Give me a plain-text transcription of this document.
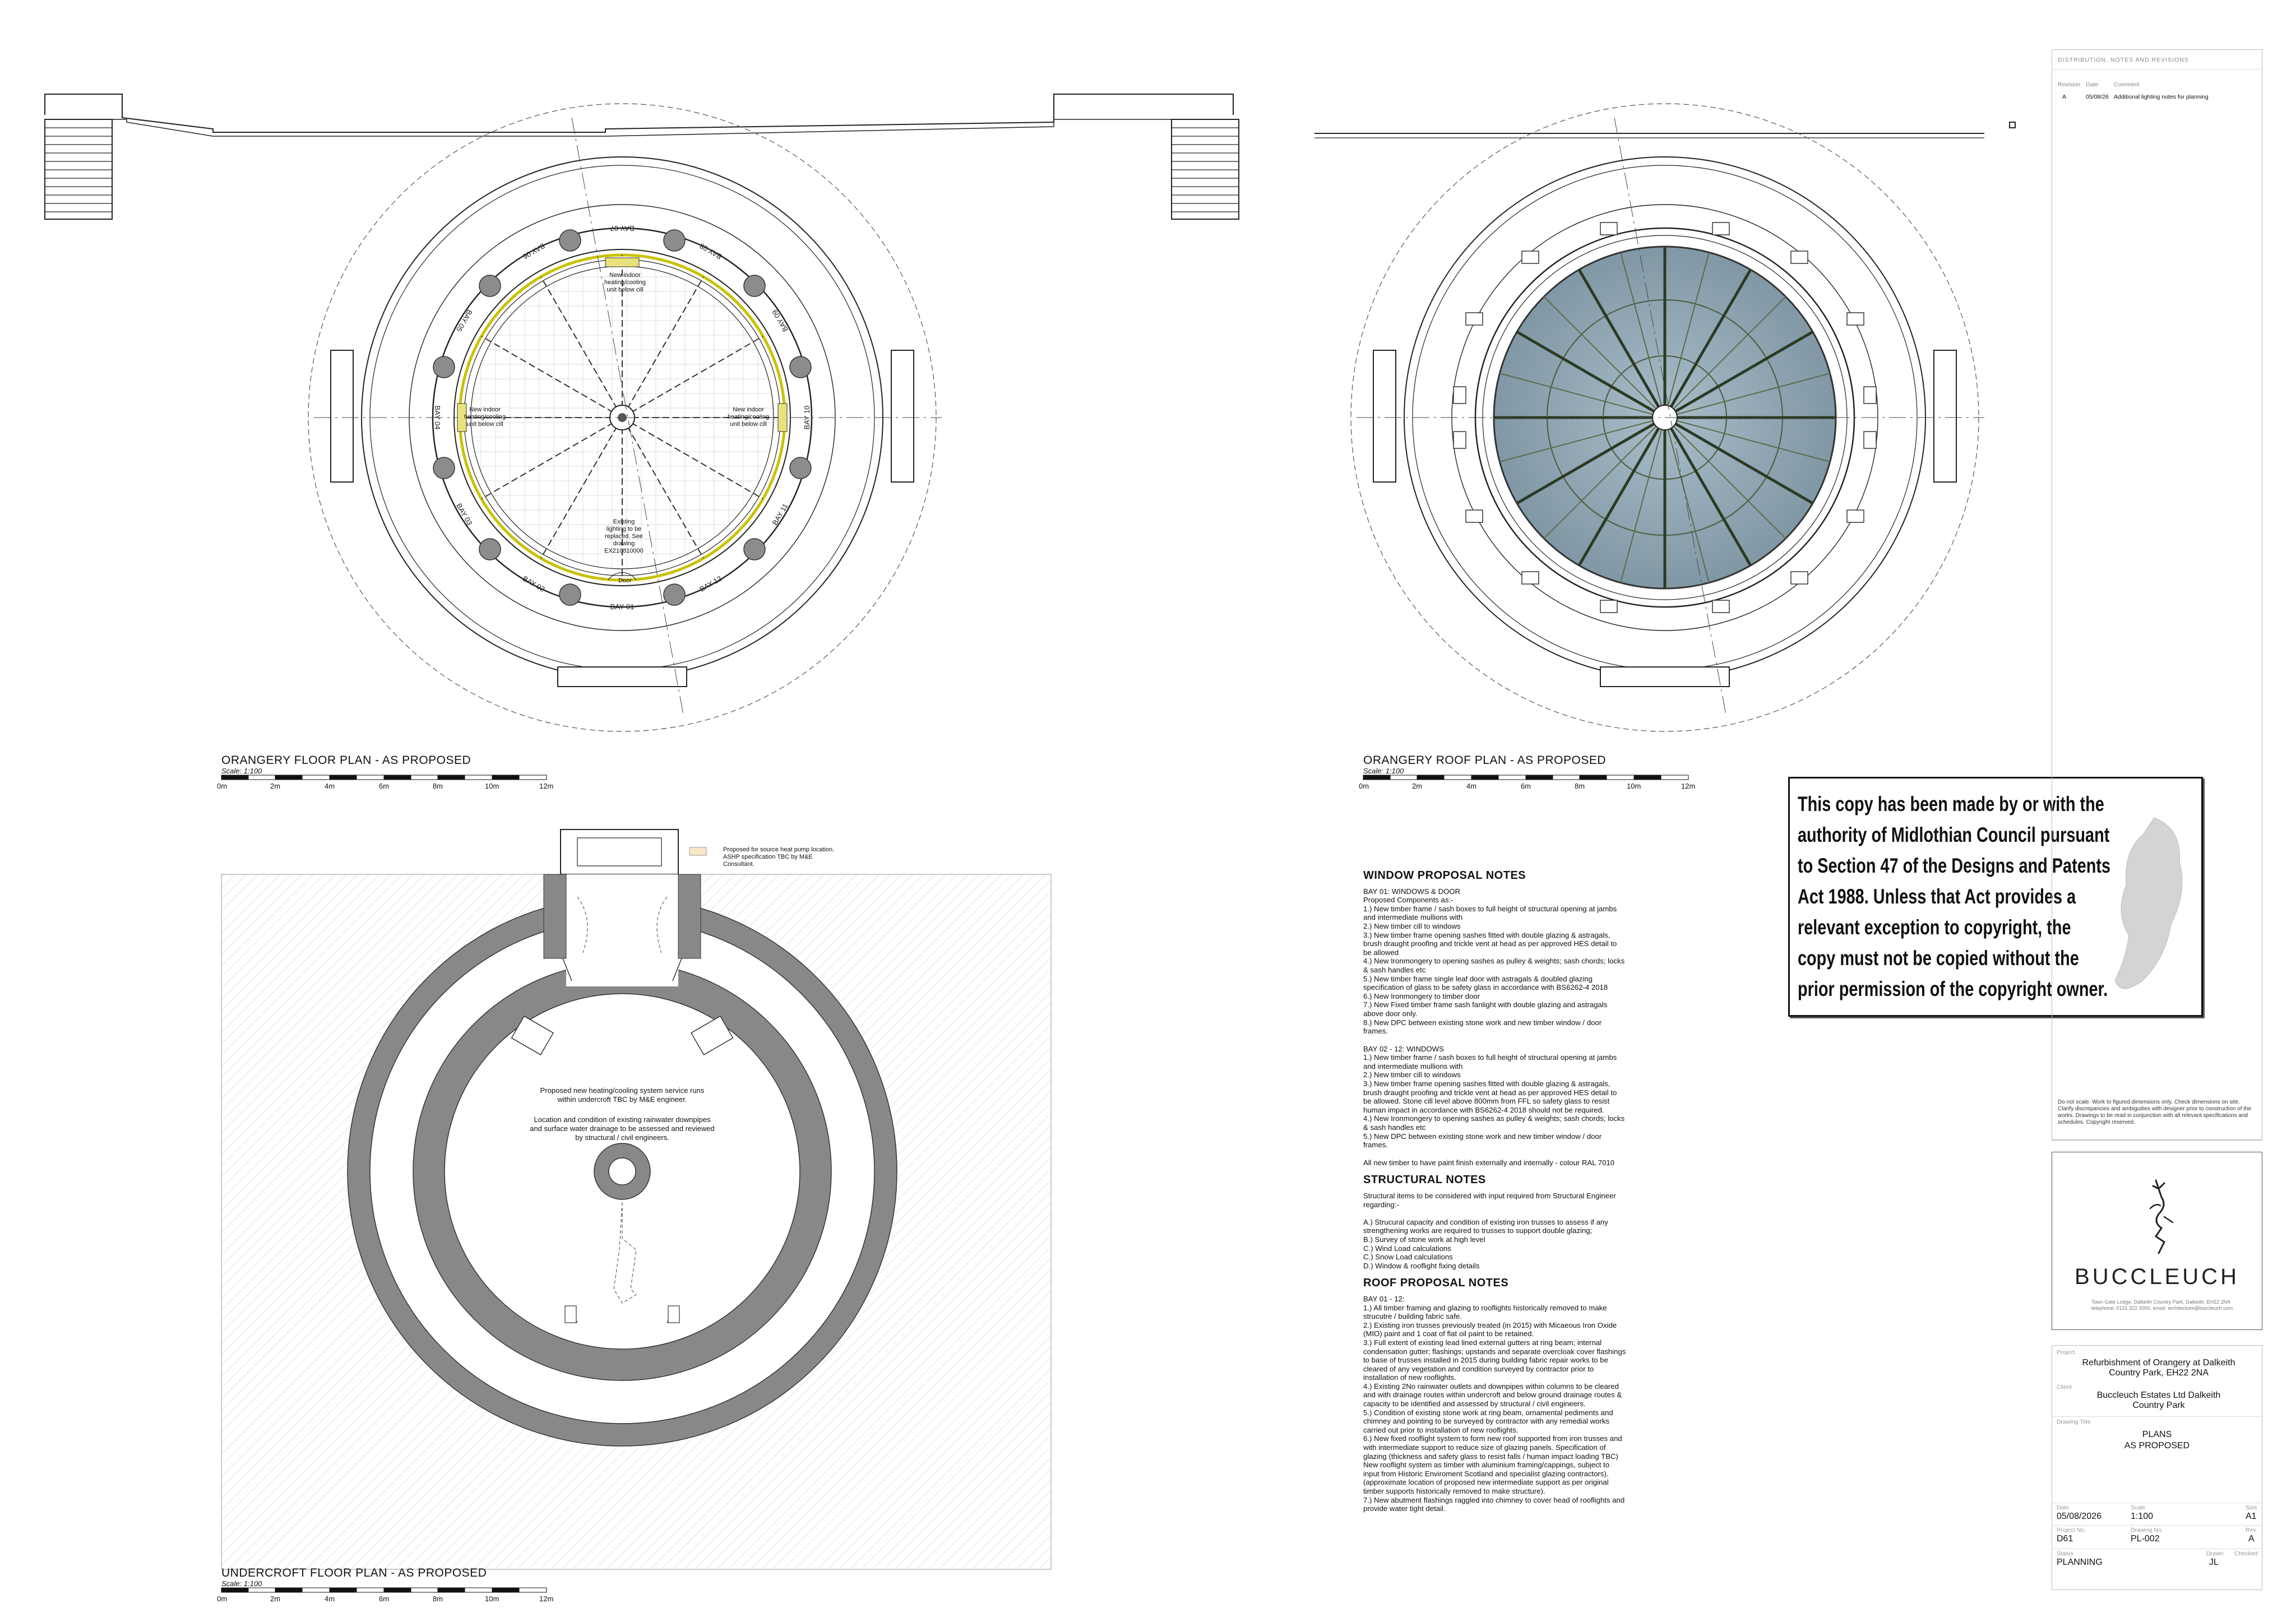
BAY 07
BAY 08
BAY 09
BAY 10
BAY 11
BAY 12
BAY 01
BAY 02
BAY 03
BAY 04
BAY 05
BAY 06
New indoor heating/cooling unit below cill
New indoor heating/cooling unit below cill
New indoor heating/cooling unit below cill
Existing lighting to be replaced. See drawing EX210810000
Door
ORANGERY FLOOR PLAN - AS PROPOSED
Scale: 1:100
ORANGERY ROOF PLAN - AS PROPOSED
Scale: 1:100
UNDERCROFT FLOOR PLAN - AS PROPOSED
Scale: 1:100
0m	2m	4m	6m	8m	10m	12m	0m	2m	4m	6m	8m	10m	12m
0m	2m	4m	6m	8m	10m	12m
Proposed for source heat pump location. ASHP specification TBC by M&E Consultant.
Proposed new heating/cooling system service runs within undercroft TBC by M&E engineer.
Location and condition of existing rainwater downpipes and surface water drainage to be assessed and reviewed by structural / civil engineers.
WINDOW PROPOSAL NOTES
BAY 01: WINDOWS & DOOR
Proposed Components as:-
1.) New timber frame / sash boxes to full height of structural opening at jambs and intermediate mullions with
2.) New timber cill to windows
3.) New timber frame opening sashes fitted with double glazing & astragals, brush draught proofing and trickle vent at head as per approved HES detail to be allowed
4.) New Ironmongery to opening sashes as pulley & weights; sash chords; locks & sash handles etc
5.) New timber frame single leaf door with astragals & doubled glazing specification of glass to be safety glass in accordance with BS6262-4 2018
6.) New Ironmongery to timber door
7.) New Fixed timber frame sash fanlight with double glazing and astragals above door only.
8.) New DPC between existing stone work and new timber window / door frames.
BAY 02 - 12: WINDOWS
1.) New timber frame / sash boxes to full height of structural opening at jambs and intermediate mullions with
2.) New timber cill to windows
3.) New timber frame opening sashes fitted with double glazing & astragals, brush draught proofing and trickle vent at head as per approved HES detail to be allowed. Stone cill level above 800mm from FFL so safety glass to resist human impact in accordance with BS6262-4 2018 should not be required.
4.) New Ironmongery to opening sashes as pulley & weights; sash chords; locks & sash handles etc
5.) New DPC between existing stone work and new timber window / door frames.
All new timber to have paint finish externally and internally - colour RAL 7010
STRUCTURAL NOTES
Structural items to be considered with input required from Structural Engineer regarding:-

A.) Strucural capacity and condition of existing iron trusses to assess if any strengthening works are required to trusses to support double glazing;
B.) Survey of stone work at high level
C.) Wind Load calculations
C.) Snow Load calculations
D.) Window & rooflight fixing details
ROOF PROPOSAL NOTES
BAY 01 - 12:
1.) All timber framing and glazing to rooflights historically removed to make strucutre / building fabric safe.
2.) Existing iron trusses previously treated (in 2015) with Micaeous Iron Oxide (MIO) paint and 1 coat of flat oil paint to be retained.
3.) Full extent of existing lead lined external gutters at ring beam; internal condensation gutter; flashings; upstands and separate overcloak cover flashings to base of trusses installed in 2015 during building fabric repair works to be cleared of any vegetation and condition surveyed by contractor prior to installation of new rooflights.
4.) Existing 2No rainwater outlets and downpipes within columns to be cleared and with drainage routes within undercroft and below ground drainage routes & capacity to be identified and assessed by structural / civil engineers.
5.) Condition of existing stone work at ring beam, ornamental pediments and chimney and pointing to be surveyed by contractor with any remedial works carried out prior to installation of new rooflights.
6.) New fixed rooflight system to form new roof supported from iron trusses and with intermediate support to reduce size of glazing panels. Specification of glazing (thickness and safety glass to resist falls / human impact loading TBC)
New rooflight system as timber with aluminium framing/cappings, subject to input from Historic Enviroment Scotland and specialist glazing contractors). (approximate location of proposed new intermediate support as per original timber supports historically removed to make structure).
7.) New abutment flashings raggled into chimney to cover head of rooflights and provide water tight detail.
This copy has been made by or with the authority of Midlothian Council pursuant to Section 47 of the Designs and Patents Act 1988. Unless that Act provides a relevant exception to copyright, the copy must not be copied without the prior permission of the copyright owner.
DISTRIBUTION, NOTES AND REVISIONS
Revision Date	Comment
A	05/08/26 Additional lighting notes for planning
Do not scale. Work to figured dimensions only. Check dimensions on site. Clarify discrepancies and ambiguities with designer prior to construction of the works. Drawings to be read in conjunction with all relevant specifications and schedules. Copyright reserved.
BUCCLEUCH
Town Gate Lodge, Dalkeith Country Park, Dalkeith, EH22 2NA telephone: 0131 322 2000, email: architecture@buccleuch.com
Project
Refurbishment of Orangery at Dalkeith Country Park, EH22 2NA
Client
Buccleuch Estates Ltd Dalkeith Country Park
Drawing Title
PLANS
AS PROPOSED
Date	Scale	Size
05/08/2026	1:100	A1
Project No.	Drawing No.	Rev
D61	PL-002	A
Status	Drawn Checked
PLANNING	JL
